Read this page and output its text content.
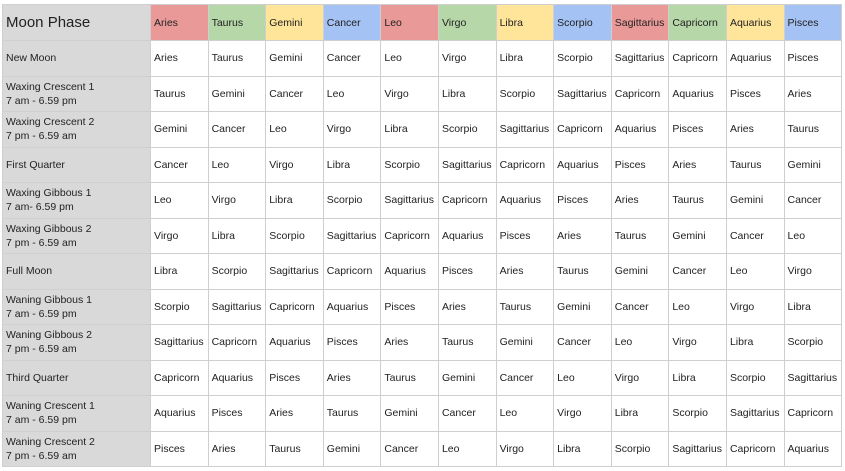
Moon Phase	Aries	Taurus	Gemini	Cancer	Leo	Virgo	Libra	Scorpio	Sagittarius	Capricorn	Aquarius	Pisces

New Moon	Aries	Taurus	Gemini	Cancer	Leo	Virgo	Libra	Scorpio	Sagittarius	Capricorn	Aquarius	Pisces

Waxing Crescent 1
7 am - 6.59 pm	Taurus	Gemini	Cancer	Leo	Virgo	Libra	Scorpio	Sagittarius	Capricorn	Aquarius	Pisces	Aries

Waxing Crescent 2
7 pm - 6.59 am	Gemini	Cancer	Leo	Virgo	Libra	Scorpio	Sagittarius	Capricorn	Aquarius	Pisces	Aries	Taurus

First Quarter	Cancer	Leo	Virgo	Libra	Scorpio	Sagittarius	Capricorn	Aquarius	Pisces	Aries	Taurus	Gemini

Waxing Gibbous 1
7 am- 6.59 pm	Leo	Virgo	Libra	Scorpio	Sagittarius	Capricorn	Aquarius	Pisces	Aries	Taurus	Gemini	Cancer

Waxing Gibbous 2
7 pm - 6.59 am	Virgo	Libra	Scorpio	Sagittarius	Capricorn	Aquarius	Pisces	Aries	Taurus	Gemini	Cancer	Leo

Full Moon	Libra	Scorpio	Sagittarius	Capricorn	Aquarius	Pisces	Aries	Taurus	Gemini	Cancer	Leo	Virgo

Waning Gibbous 1
7 am - 6.59 pm	Scorpio	Sagittarius	Capricorn	Aquarius	Pisces	Aries	Taurus	Gemini	Cancer	Leo	Virgo	Libra

Waning Gibbous 2
7 pm - 6.59 am	Sagittarius	Capricorn	Aquarius	Pisces	Aries	Taurus	Gemini	Cancer	Leo	Virgo	Libra	Scorpio

Third Quarter	Capricorn	Aquarius	Pisces	Aries	Taurus	Gemini	Cancer	Leo	Virgo	Libra	Scorpio	Sagittarius

Waning Crescent 1
7 am - 6.59 pm	Aquarius	Pisces	Aries	Taurus	Gemini	Cancer	Leo	Virgo	Libra	Scorpio	Sagittarius	Capricorn

Waning Crescent 2
7 pm - 6.59 am	Pisces	Aries	Taurus	Gemini	Cancer	Leo	Virgo	Libra	Scorpio	Sagittarius	Capricorn	Aquarius
